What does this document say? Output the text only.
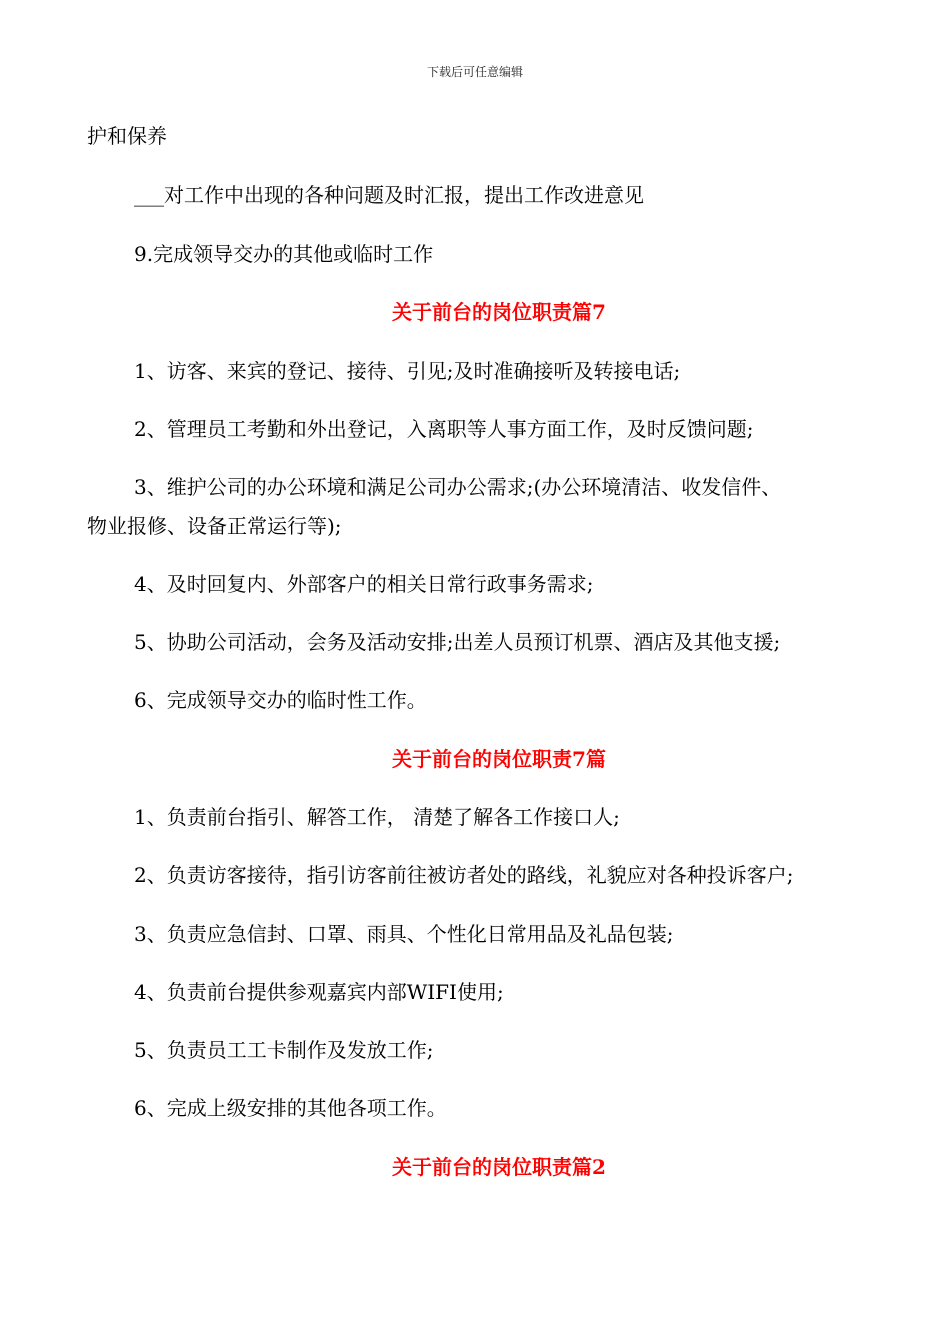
下载后可任意编辑
护和保养
___对工作中出现的各种问题及时汇报，提出工作改进意见
9.完成领导交办的其他或临时工作
关于前台的岗位职责篇7
1、访客、来宾的登记、接待、引见;及时准确接听及转接电话;
2、管理员工考勤和外出登记，入离职等人事方面工作，及时反馈问题;
3、维护公司的办公环境和满足公司办公需求;(办公环境清洁、收发信件、
物业报修、设备正常运行等);
4、及时回复内、外部客户的相关日常行政事务需求;
5、协助公司活动，会务及活动安排;出差人员预订机票、酒店及其他支援;
6、完成领导交办的临时性工作。
关于前台的岗位职责7篇
1、负责前台指引、解答工作， 清楚了解各工作接口人;
2、负责访客接待，指引访客前往被访者处的路线，礼貌应对各种投诉客户;
3、负责应急信封、口罩、雨具、个性化日常用品及礼品包装;
4、负责前台提供参观嘉宾内部WIFI使用;
5、负责员工工卡制作及发放工作;
6、完成上级安排的其他各项工作。
关于前台的岗位职责篇2
